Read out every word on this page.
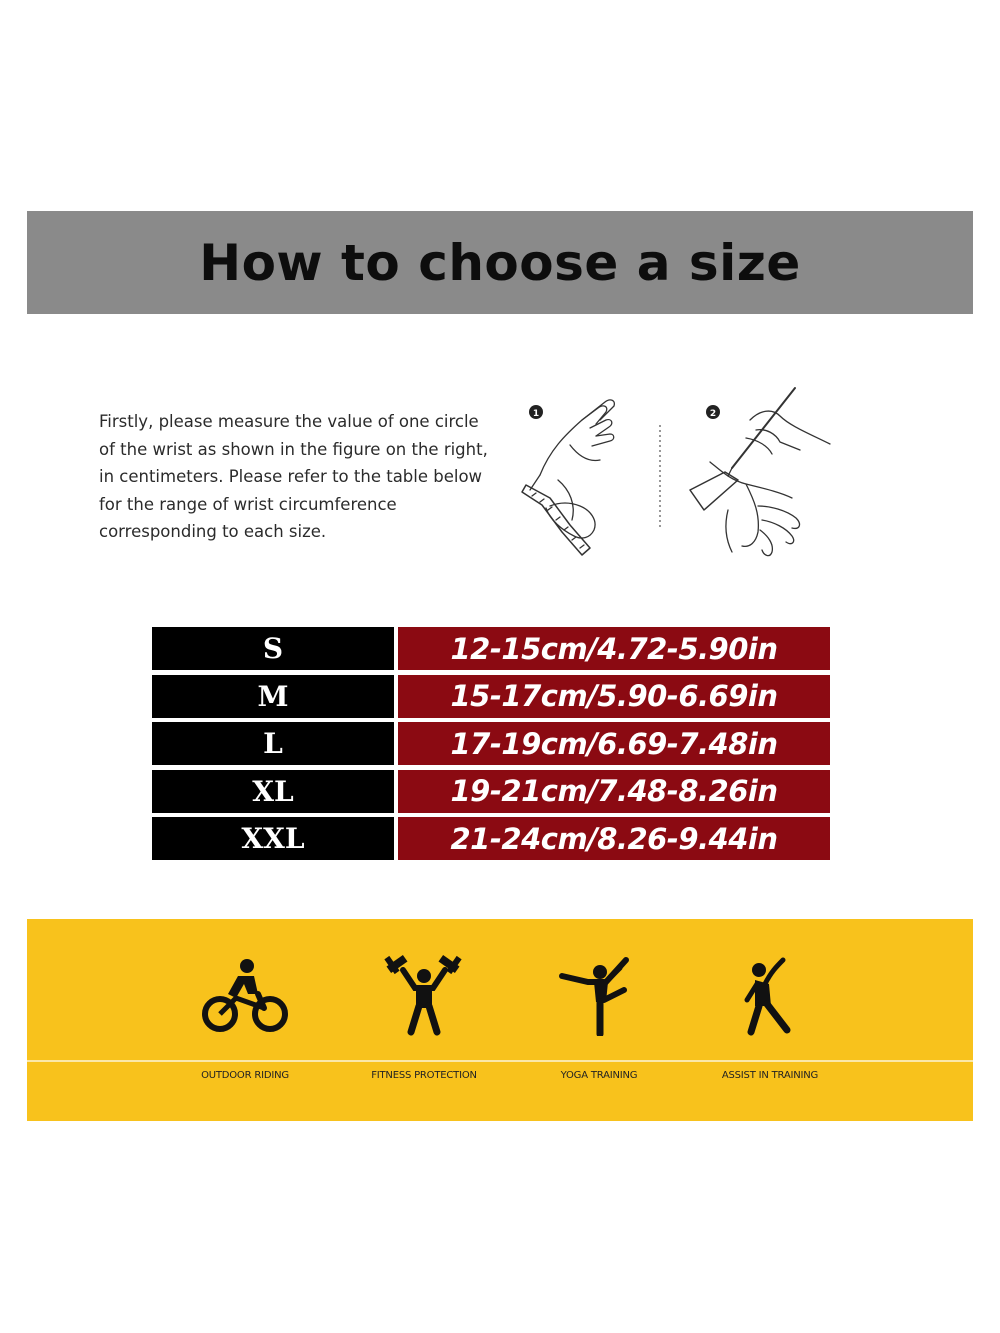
How to choose a size
Firstly, please measure the value of one circle of the wrist as shown in the figure on the right, in centimeters. Please refer to the table below for the range of wrist circumference corresponding to each size.
1	2
S	12-15cm/4.72-5.90in
M	15-17cm/5.90-6.69in
L	17-19cm/6.69-7.48in
XL	19-21cm/7.48-8.26in
XXL	21-24cm/8.26-9.44in
OUTDOOR RIDING	FITNESS PROTECTION	YOGA TRAINING	ASSIST IN TRAINING
